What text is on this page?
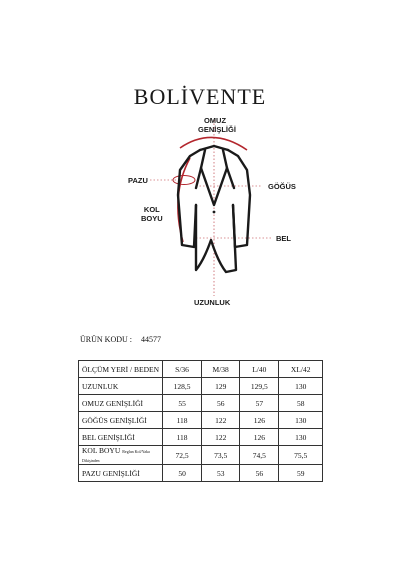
BOLİVENTE
OMUZ
GENİŞLİĞİ
PAZU
GÖĞÜS
KOL
BOYU
BEL
UZUNLUK
ÜRÜN KODU : 44577
ÖLÇÜM YERİ / BEDEN	S/36	M/38	L/40	XL/42
UZUNLUK	128,5	129	129,5	130
OMUZ GENİŞLİĞİ	55	56	57	58
GÖĞÜS GENİŞLİĞİ	118	122	126	130
BEL GENİŞLİĞİ	118	122	126	130
KOL BOYU Reglan Kol/Yaka Dikişinden	72,5	73,5	74,5	75,5
PAZU GENİŞLİĞİ	50	53	56	59
